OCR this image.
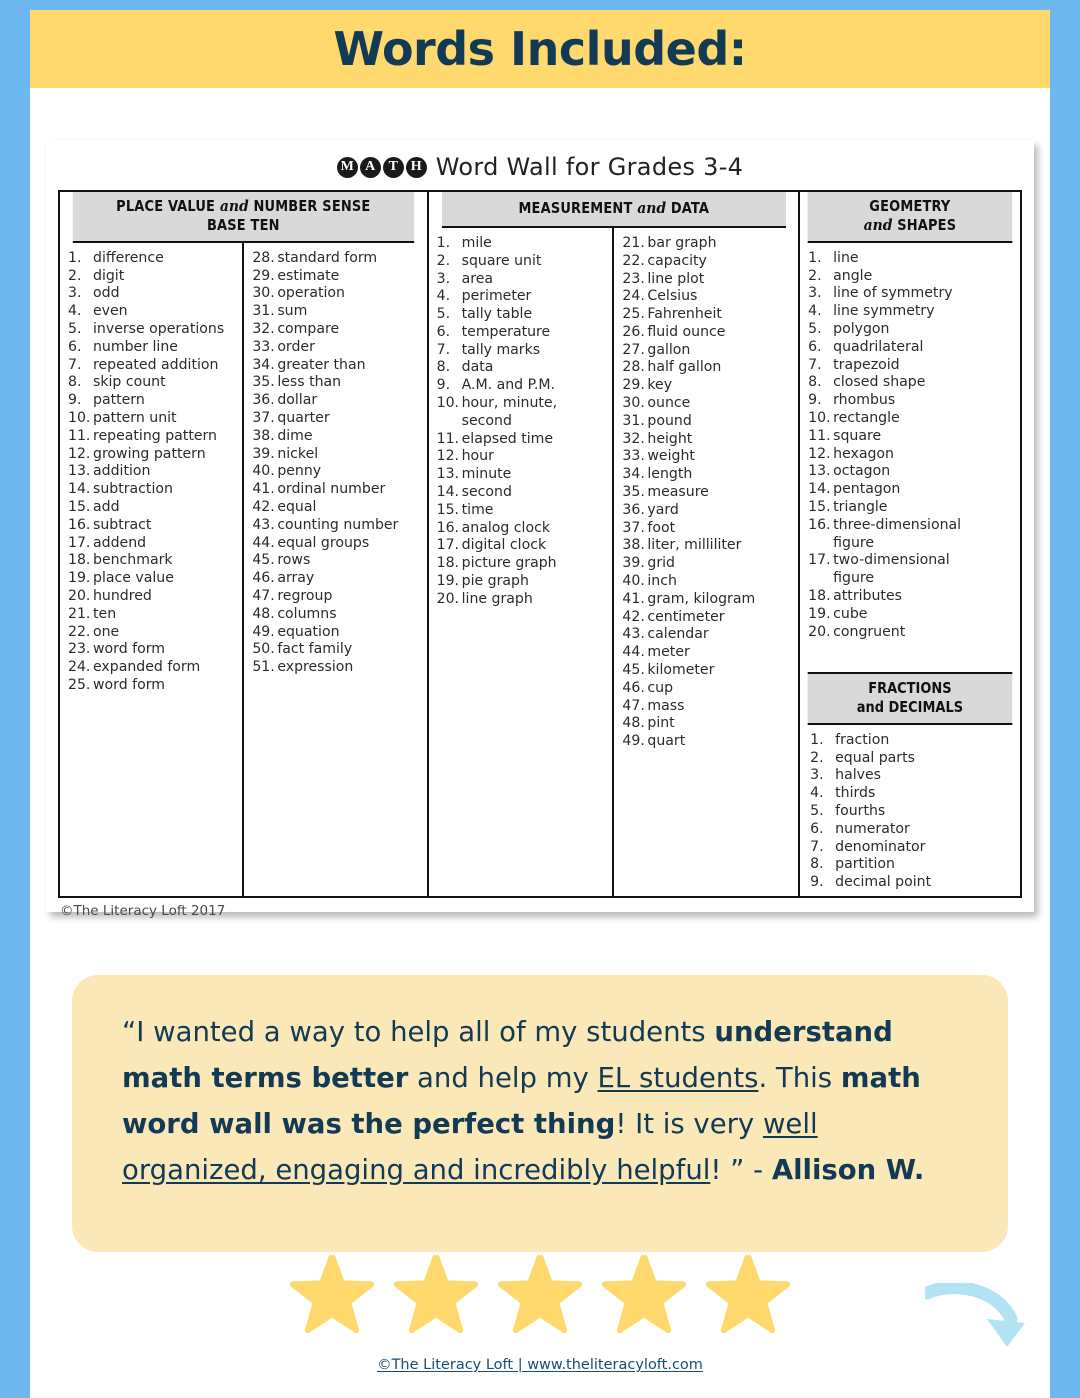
Words Included:
M A T H Word Wall for Grades 3-4
PLACE VALUE and NUMBER SENSE
BASE TEN
1. difference
2. digit
3. odd
4. even
5. inverse operations
6. number line
7. repeated addition
8. skip count
9. pattern
10. pattern unit
11. repeating pattern
12. growing pattern
13. addition
14. subtraction
15. add
16. subtract
17. addend
18. benchmark
19. place value
20. hundred
21. ten
22. one
23. word form
24. expanded form
25. word form
28. standard form
29. estimate
30. operation
31. sum
32. compare
33. order
34. greater than
35. less than
36. dollar
37. quarter
38. dime
39. nickel
40. penny
41. ordinal number
42. equal
43. counting number
44. equal groups
45. rows
46. array
47. regroup
48. columns
49. equation
50. fact family
51. expression
MEASUREMENT and DATA
1. mile
2. square unit
3. area
4. perimeter
5. tally table
6. temperature
7. tally marks
8. data
9. A.M. and P.M.
10. hour, minute,
second
11. elapsed time
12. hour
13. minute
14. second
15. time
16. analog clock
17. digital clock
18. picture graph
19. pie graph
20. line graph
21. bar graph
22. capacity
23. line plot
24. Celsius
25. Fahrenheit
26. fluid ounce
27. gallon
28. half gallon
29. key
30. ounce
31. pound
32. height
33. weight
34. length
35. measure
36. yard
37. foot
38. liter, milliliter
39. grid
40. inch
41. gram, kilogram
42. centimeter
43. calendar
44. meter
45. kilometer
46. cup
47. mass
48. pint
49. quart
GEOMETRY
and SHAPES
1. line
2. angle
3. line of symmetry
4. line symmetry
5. polygon
6. quadrilateral
7. trapezoid
8. closed shape
9. rhombus
10. rectangle
11. square
12. hexagon
13. octagon
14. pentagon
15. triangle
16. three-dimensional
figure
17. two-dimensional
figure
18. attributes
19. cube
20. congruent
FRACTIONS
and DECIMALS
1. fraction
2. equal parts
3. halves
4. thirds
5. fourths
6. numerator
7. denominator
8. partition
9. decimal point
©The Literacy Loft 2017
“I wanted a way to help all of my students understand math terms better and help my EL students. This math word wall was the perfect thing! It is very well organized, engaging and incredibly helpful! ” - Allison W.
©The Literacy Loft | www.theliteracyloft.com
